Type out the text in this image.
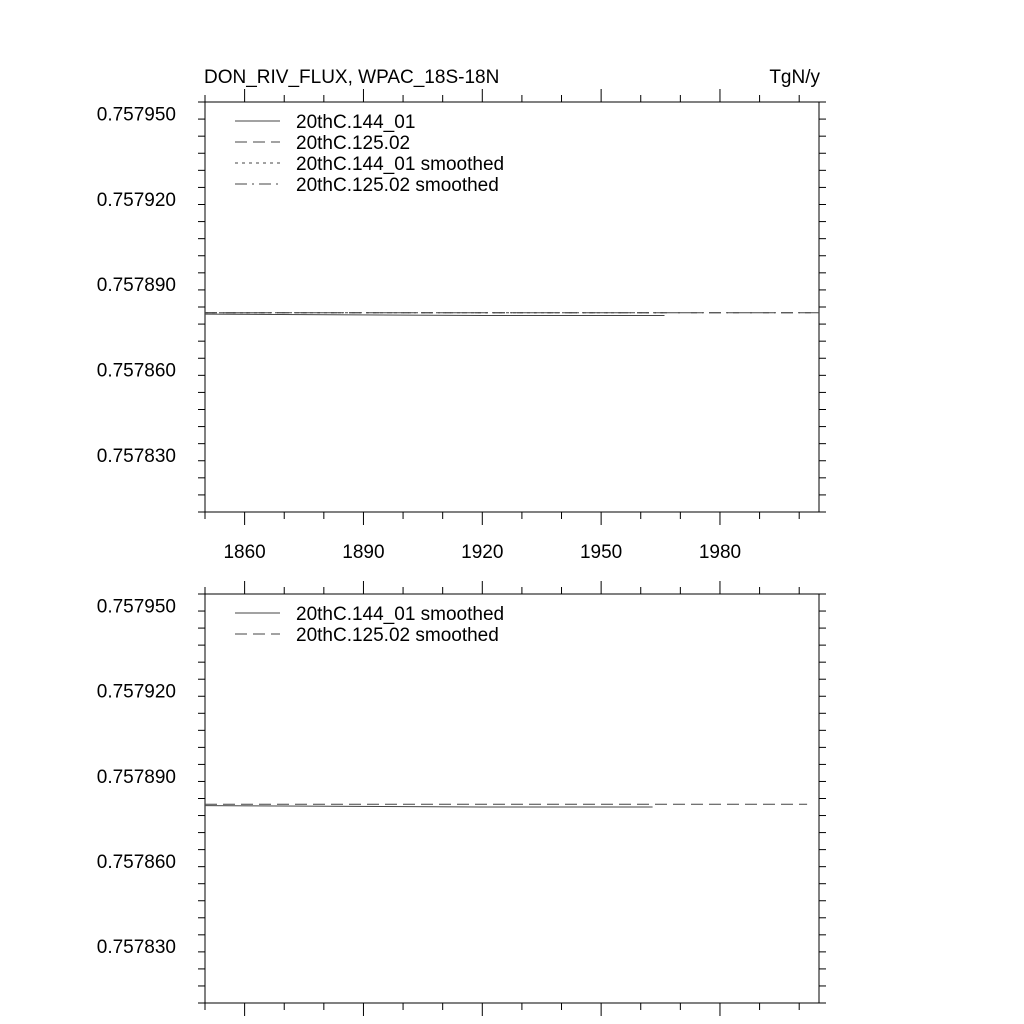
DON_RIV_FLUX, WPAC_18S-18N	TgN/y
1860	1890	1920	1950	1980
0.757950
0.757920
0.757890
0.757860
0.757830
20thC.144_01
20thC.125.02
20thC.144_01 smoothed
20thC.125.02 smoothed
0.757950
0.757920
0.757890
0.757860
0.757830
20thC.144_01 smoothed
20thC.125.02 smoothed
